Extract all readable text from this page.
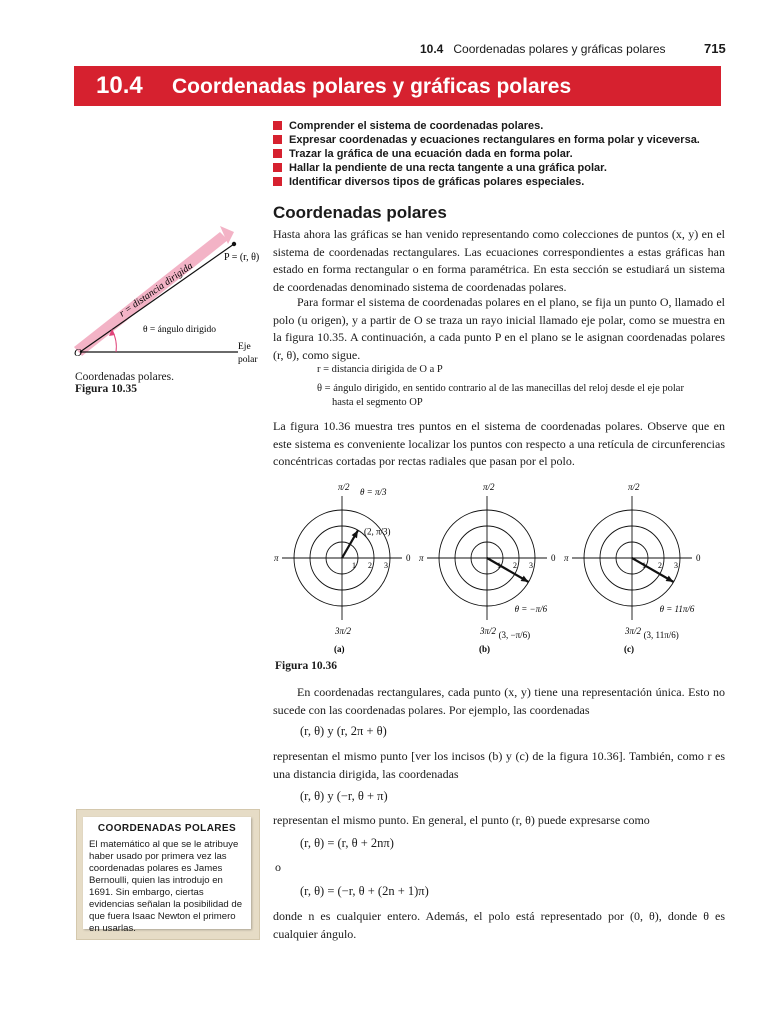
10.4 Coordenadas polares y gráficas polares	715
10.4 Coordenadas polares y gráficas polares
Comprender el sistema de coordenadas polares.
Expresar coordenadas y ecuaciones rectangulares en forma polar y viceversa.
Trazar la gráfica de una ecuación dada en forma polar.
Hallar la pendiente de una recta tangente a una gráfica polar.
Identificar diversos tipos de gráficas polares especiales.
Coordenadas polares
r = distancia dirigida
P = (r, θ)
θ = ángulo dirigido
O	Eje
polar
Coordenadas polares.
Figura 10.35
Hasta ahora las gráficas se han venido representando como colecciones de puntos (x, y) en el sistema de coordenadas rectangulares. Las ecuaciones correspondientes a estas gráficas han estado en forma rectangular o en forma paramétrica. En esta sección se estudiará un sistema de coordenadas denominado sistema de coordenadas polares.
Para formar el sistema de coordenadas polares en el plano, se fija un punto O, llamado el polo (u origen), y a partir de O se traza un rayo inicial llamado eje polar, como se muestra en la figura 10.35. A continuación, a cada punto P en el plano se le asignan coordenadas polares (r, θ), como sigue.
r = distancia dirigida de O a P
θ = ángulo dirigido, en sentido contrario al de las manecillas del reloj desde el eje polar
hasta el segmento OP
La figura 10.36 muestra tres puntos en el sistema de coordenadas polares. Observe que en este sistema es conveniente localizar los puntos con respecto a una retícula de circunferencias concéntricas cortadas por rectas radiales que pasan por el polo.
π/2
3π/2
π	0
1 2 3
(a)
θ = π/3
(2, π/3)
π/2
3π/2
π	0
2 3
(b)
θ = −π/6
(3, −π/6)
π/2
3π/2
π	0
2 3
(c)
θ = 11π/6
(3, 11π/6)
Figura 10.36
En coordenadas rectangulares, cada punto (x, y) tiene una representación única. Esto no sucede con las coordenadas polares. Por ejemplo, las coordenadas
(r, θ) y (r, 2π + θ)
representan el mismo punto [ver los incisos (b) y (c) de la figura 10.36]. También, como r es una distancia dirigida, las coordenadas
(r, θ) y (−r, θ + π)
representan el mismo punto. En general, el punto (r, θ) puede expresarse como
(r, θ) = (r, θ + 2nπ)
o
(r, θ) = (−r, θ + (2n + 1)π)
donde n es cualquier entero. Además, el polo está representado por (0, θ), donde θ es cualquier ángulo.
COORDENADAS POLARES
El matemático al que se le atribuye haber usado por primera vez las coordenadas polares es James Bernoulli, quien las introdujo en 1691. Sin embargo, ciertas evidencias señalan la posibilidad de que fuera Isaac Newton el primero en usarlas.
